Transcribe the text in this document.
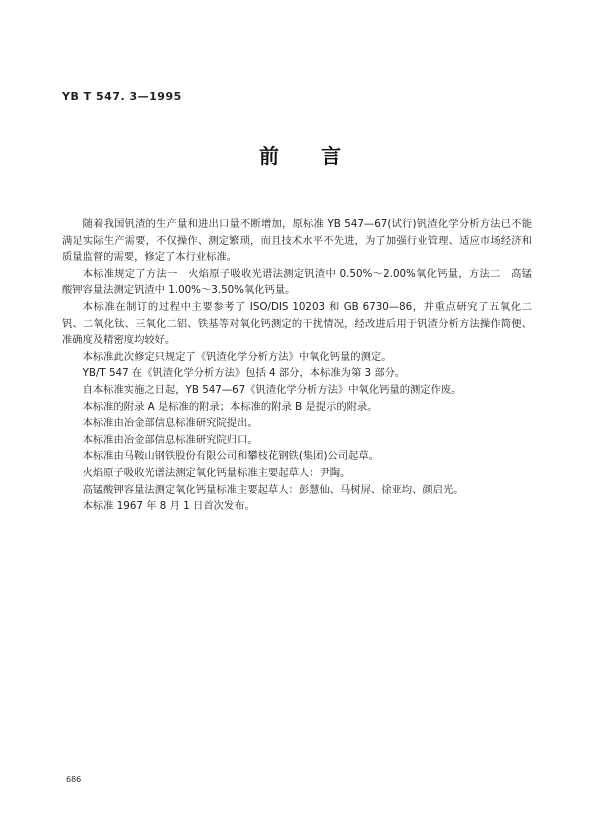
YB T 547. 3—1995
前言

随着我国钒渣的生产量和进出口量不断增加，原标准 YB 547—67(试行)钒渣化学分析方法已不能满足实际生产需要，不仅操作、测定繁琐，而且技术水平不先进，为了加强行业管理、适应市场经济和质量监督的需要，修定了本行业标准。

本标准规定了方法一　火焰原子吸收光谱法测定钒渣中 0.50%～2.00%氧化钙量，方法二　高锰酸钾容量法测定钒渣中 1.00%～3.50%氧化钙量。

本标准在制订的过程中主要参考了 ISO/DIS 10203 和 GB 6730—86，并重点研究了五氧化二钒、二氧化钛、三氧化二铝、铁基等对氧化钙测定的干扰情况，经改进后用于钒渣分析方法操作简便、准确度及精密度均较好。

本标准此次修定只规定了《钒渣化学分析方法》中氧化钙量的测定。

YB/T 547 在《钒渣化学分析方法》包括 4 部分，本标准为第 3 部分。

自本标准实施之日起，YB 547—67《钒渣化学分析方法》中氧化钙量的测定作废。

本标准的附录 A 是标准的附录；本标准的附录 B 是提示的附录。

本标准由冶金部信息标准研究院提出。

本标准由冶金部信息标准研究院归口。

本标准由马鞍山钢铁股份有限公司和攀枝花钢铁(集团)公司起草。

火焰原子吸收光谱法测定氧化钙量标准主要起草人：尹陶。

高锰酸钾容量法测定氧化钙量标准主要起草人：彭慧仙、马树屏、徐亚均、颜启光。

本标准 1967 年 8 月 1 日首次发布。

686
